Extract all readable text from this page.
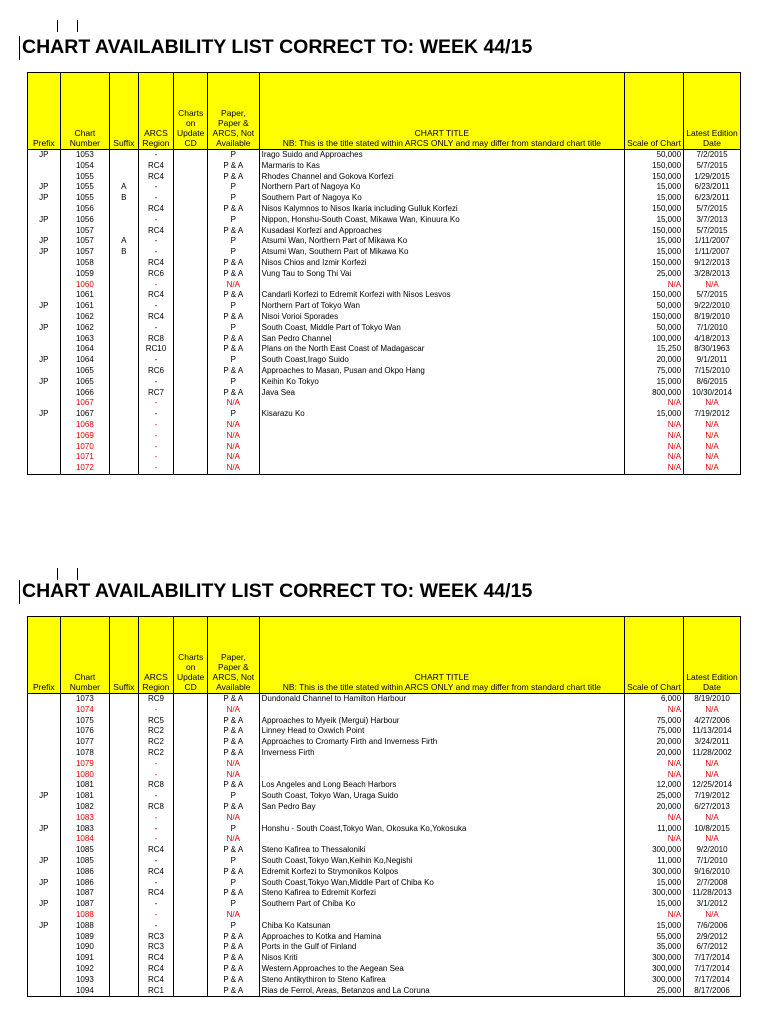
CHART AVAILABILITY LIST CORRECT TO: WEEK 44/15
Prefix	Chart Number	Suffix	ARCS Region	Charts on Update CD	Paper, Paper & ARCS, Not Available	CHART TITLE
NB: This is the title stated within ARCS ONLY and may differ from standard chart title	Scale of Chart	Latest Edition Date
JP	1053		-		P	Irago Suido and Approaches	50,000	7/2/2015
	1054		RC4		P & A	Marmaris to Kas	150,000	5/7/2015
	1055		RC4		P & A	Rhodes Channel and Gokova Korfezi	150,000	1/29/2015
JP	1055	A	-		P	Northern Part of Nagoya Ko	15,000	6/23/2011
JP	1055	B	-		P	Southern Part of Nagoya Ko	15,000	6/23/2011
	1056		RC4		P & A	Nisos Kalymnos to Nisos Ikaria including Gulluk Korfezi	150,000	5/7/2015
JP	1056		-		P	Nippon, Honshu-South Coast, Mikawa Wan, Kinuura Ko	15,000	3/7/2013
	1057		RC4		P & A	Kusadasi Korfezi and Approaches	150,000	5/7/2015
JP	1057	A	-		P	Atsumi Wan, Northern Part of Mikawa Ko	15,000	1/11/2007
JP	1057	B	-		P	Atsumi Wan, Southern Part of Mikawa Ko	15,000	1/11/2007
	1058		RC4		P & A	Nisos Chios and Izmir Korfezi	150,000	9/12/2013
	1059		RC6		P & A	Vung Tau to Song Thi Vai	25,000	3/28/2013
	1060		-		N/A		N/A	N/A
	1061		RC4		P & A	Candarli Korfezi to Edremit Korfezi with Nisos Lesvos	150,000	5/7/2015
JP	1061		-		P	Northern Part of Tokyo Wan	50,000	9/22/2010
	1062		RC4		P & A	Nisoi Vorioi Sporades	150,000	8/19/2010
JP	1062		-		P	South Coast, Middle Part of Tokyo Wan	50,000	7/1/2010
	1063		RC8		P & A	San Pedro Channel	100,000	4/18/2013
	1064		RC10		P & A	Plans on the North East Coast of Madagascar	15,250	8/30/1963
JP	1064		-		P	South Coast,Irago Suido	20,000	9/1/2011
	1065		RC6		P & A	Approaches to Masan, Pusan and Okpo Hang	75,000	7/15/2010
JP	1065		-		P	Keihin Ko Tokyo	15,000	8/6/2015
	1066		RC7		P & A	Java Sea	800,000	10/30/2014
	1067		-		N/A		N/A	N/A
JP	1067		-		P	Kisarazu Ko	15,000	7/19/2012
	1068		-		N/A		N/A	N/A
	1069		-		N/A		N/A	N/A
	1070		-		N/A		N/A	N/A
	1071		-		N/A		N/A	N/A
	1072		-		N/A		N/A	N/A
CHART AVAILABILITY LIST CORRECT TO: WEEK 44/15
Prefix	Chart Number	Suffix	ARCS Region	Charts on Update CD	Paper, Paper & ARCS, Not Available	CHART TITLE
NB: This is the title stated within ARCS ONLY and may differ from standard chart title	Scale of Chart	Latest Edition Date
	1073		RC9		P & A	Dundonald Channel to Hamilton Harbour	6,000	8/19/2010
	1074		-		N/A		N/A	N/A
	1075		RC5		P & A	Approaches to Myeik (Mergui) Harbour	75,000	4/27/2006
	1076		RC2		P & A	Linney Head to Oxwich Point	75,000	11/13/2014
	1077		RC2		P & A	Approaches to Cromarty Firth and Inverness Firth	20,000	3/24/2011
	1078		RC2		P & A	Inverness Firth	20,000	11/28/2002
	1079		-		N/A		N/A	N/A
	1080		-		N/A		N/A	N/A
	1081		RC8		P & A	Los Angeles and Long Beach Harbors	12,000	12/25/2014
JP	1081		-		P	South Coast, Tokyo Wan, Uraga Suido	25,000	7/19/2012
	1082		RC8		P & A	San Pedro Bay	20,000	6/27/2013
	1083		-		N/A		N/A	N/A
JP	1083		-		P	Honshu - South Coast,Tokyo Wan, Okosuka Ko,Yokosuka	11,000	10/8/2015
	1084		-		N/A		N/A	N/A
	1085		RC4		P & A	Steno Kafirea to Thessaloniki	300,000	9/2/2010
JP	1085		-		P	South Coast,Tokyo Wan,Keihin Ko,Negishi	11,000	7/1/2010
	1086		RC4		P & A	Edremit Korfezi to Strymonikos Kolpos	300,000	9/16/2010
JP	1086		-		P	South Coast,Tokyo Wan,Middle Part of Chiba Ko	15,000	2/7/2008
	1087		RC4		P & A	Steno Kafirea to Edremit Korfezi	300,000	11/28/2013
JP	1087		-		P	Southern Part of Chiba Ko	15,000	3/1/2012
	1088		-		N/A		N/A	N/A
JP	1088		-		P	Chiba Ko Katsunan	15,000	7/6/2006
	1089		RC3		P & A	Approaches to Kotka and Hamina	55,000	2/9/2012
	1090		RC3		P & A	Ports in the Gulf of Finland	35,000	6/7/2012
	1091		RC4		P & A	Nisos Kriti	300,000	7/17/2014
	1092		RC4		P & A	Western Approaches to the Aegean Sea	300,000	7/17/2014
	1093		RC4		P & A	Steno Antikythiron to Steno Kafirea	300,000	7/17/2014
	1094		RC1		P & A	Rias de Ferrol, Areas, Betanzos and La Coruna	25,000	8/17/2006
